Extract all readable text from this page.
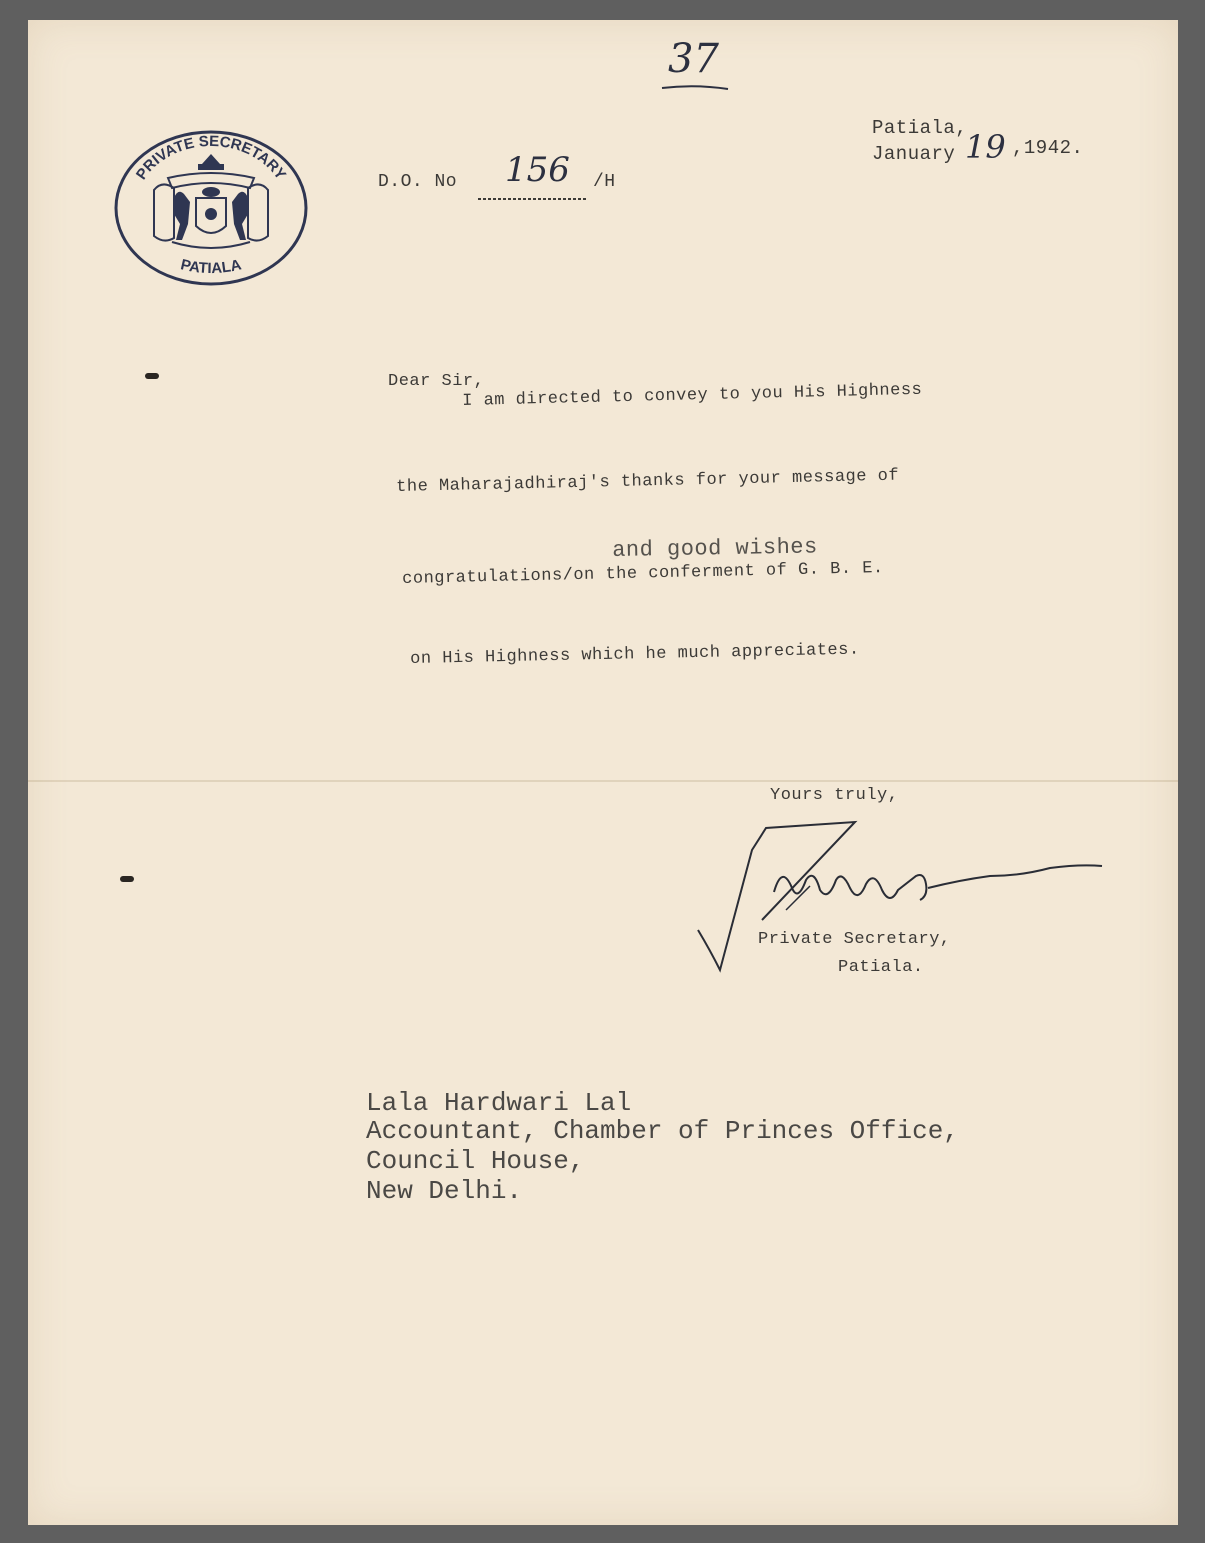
37
PRIVATE SECRETARY
PATIALA
D.O. No 156 /H
Patiala,
January 19 ,1942.
Dear Sir,
I am directed to convey to you His Highness
the Maharajadhiraj's thanks for your message of
and good wishes
congratulations/on the conferment of G. B. E.
on His Highness which he much appreciates.
Yours truly,
Private Secretary,
Patiala.
Lala Hardwari Lal
Accountant, Chamber of Princes Office,
Council House,
New Delhi.
